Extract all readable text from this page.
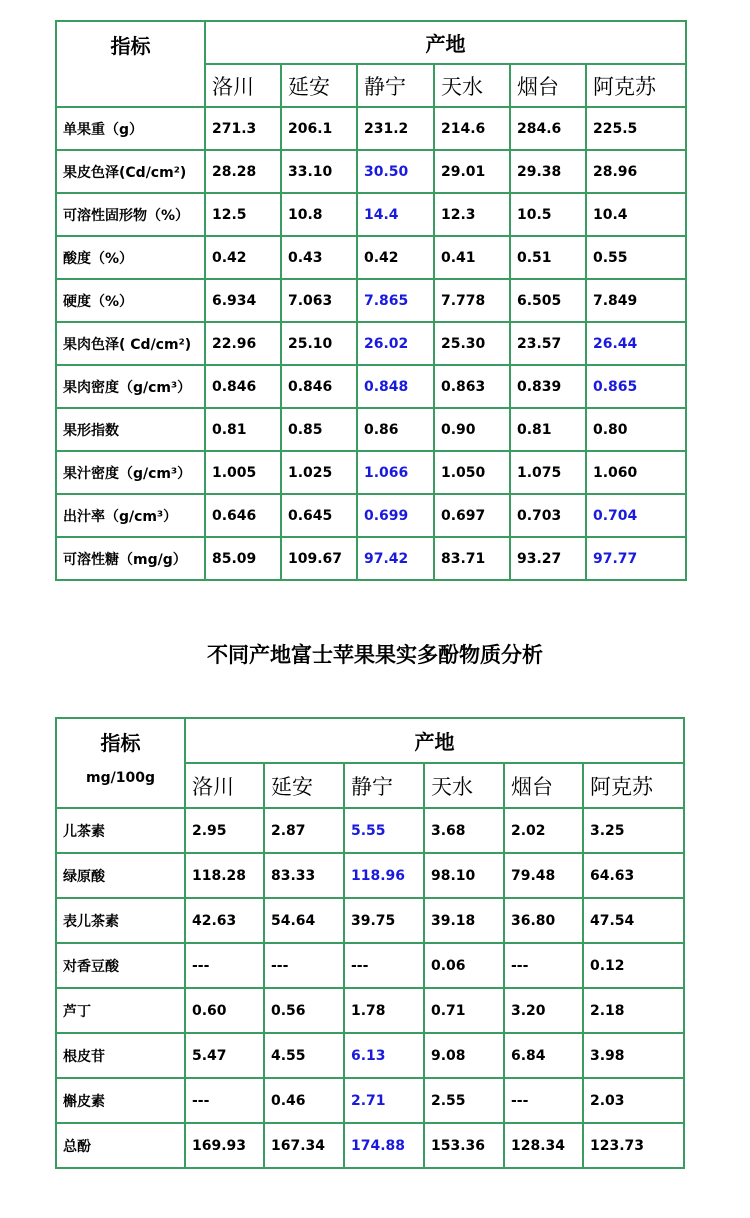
指标	产地					
	洛川	延安	静宁	天水	烟台	阿克苏
单果重（g）	271.3	206.1	231.2	214.6	284.6	225.5
果皮色泽(Cd/cm²)	28.28	33.10	30.50	29.01	29.38	28.96
可溶性固形物（%）	12.5	10.8	14.4	12.3	10.5	10.4
酸度（%）	0.42	0.43	0.42	0.41	0.51	0.55
硬度（%）	6.934	7.063	7.865	7.778	6.505	7.849
果肉色泽( Cd/cm²)	22.96	25.10	26.02	25.30	23.57	26.44
果肉密度（g/cm³）	0.846	0.846	0.848	0.863	0.839	0.865
果形指数	0.81	0.85	0.86	0.90	0.81	0.80
果汁密度（g/cm³）	1.005	1.025	1.066	1.050	1.075	1.060
出汁率（g/cm³）	0.646	0.645	0.699	0.697	0.703	0.704
可溶性糖（mg/g）	85.09	109.67	97.42	83.71	93.27	97.77
不同产地富士苹果果实多酚物质分析
指标
mg/100g	产地					
	洛川	延安	静宁	天水	烟台	阿克苏
儿茶素	2.95	2.87	5.55	3.68	2.02	3.25
绿原酸	118.28	83.33	118.96	98.10	79.48	64.63
表儿茶素	42.63	54.64	39.75	39.18	36.80	47.54
对香豆酸	---	---	---	0.06	---	0.12
芦丁	0.60	0.56	1.78	0.71	3.20	2.18
根皮苷	5.47	4.55	6.13	9.08	6.84	3.98
槲皮素	---	0.46	2.71	2.55	---	2.03
总酚	169.93	167.34	174.88	153.36	128.34	123.73
